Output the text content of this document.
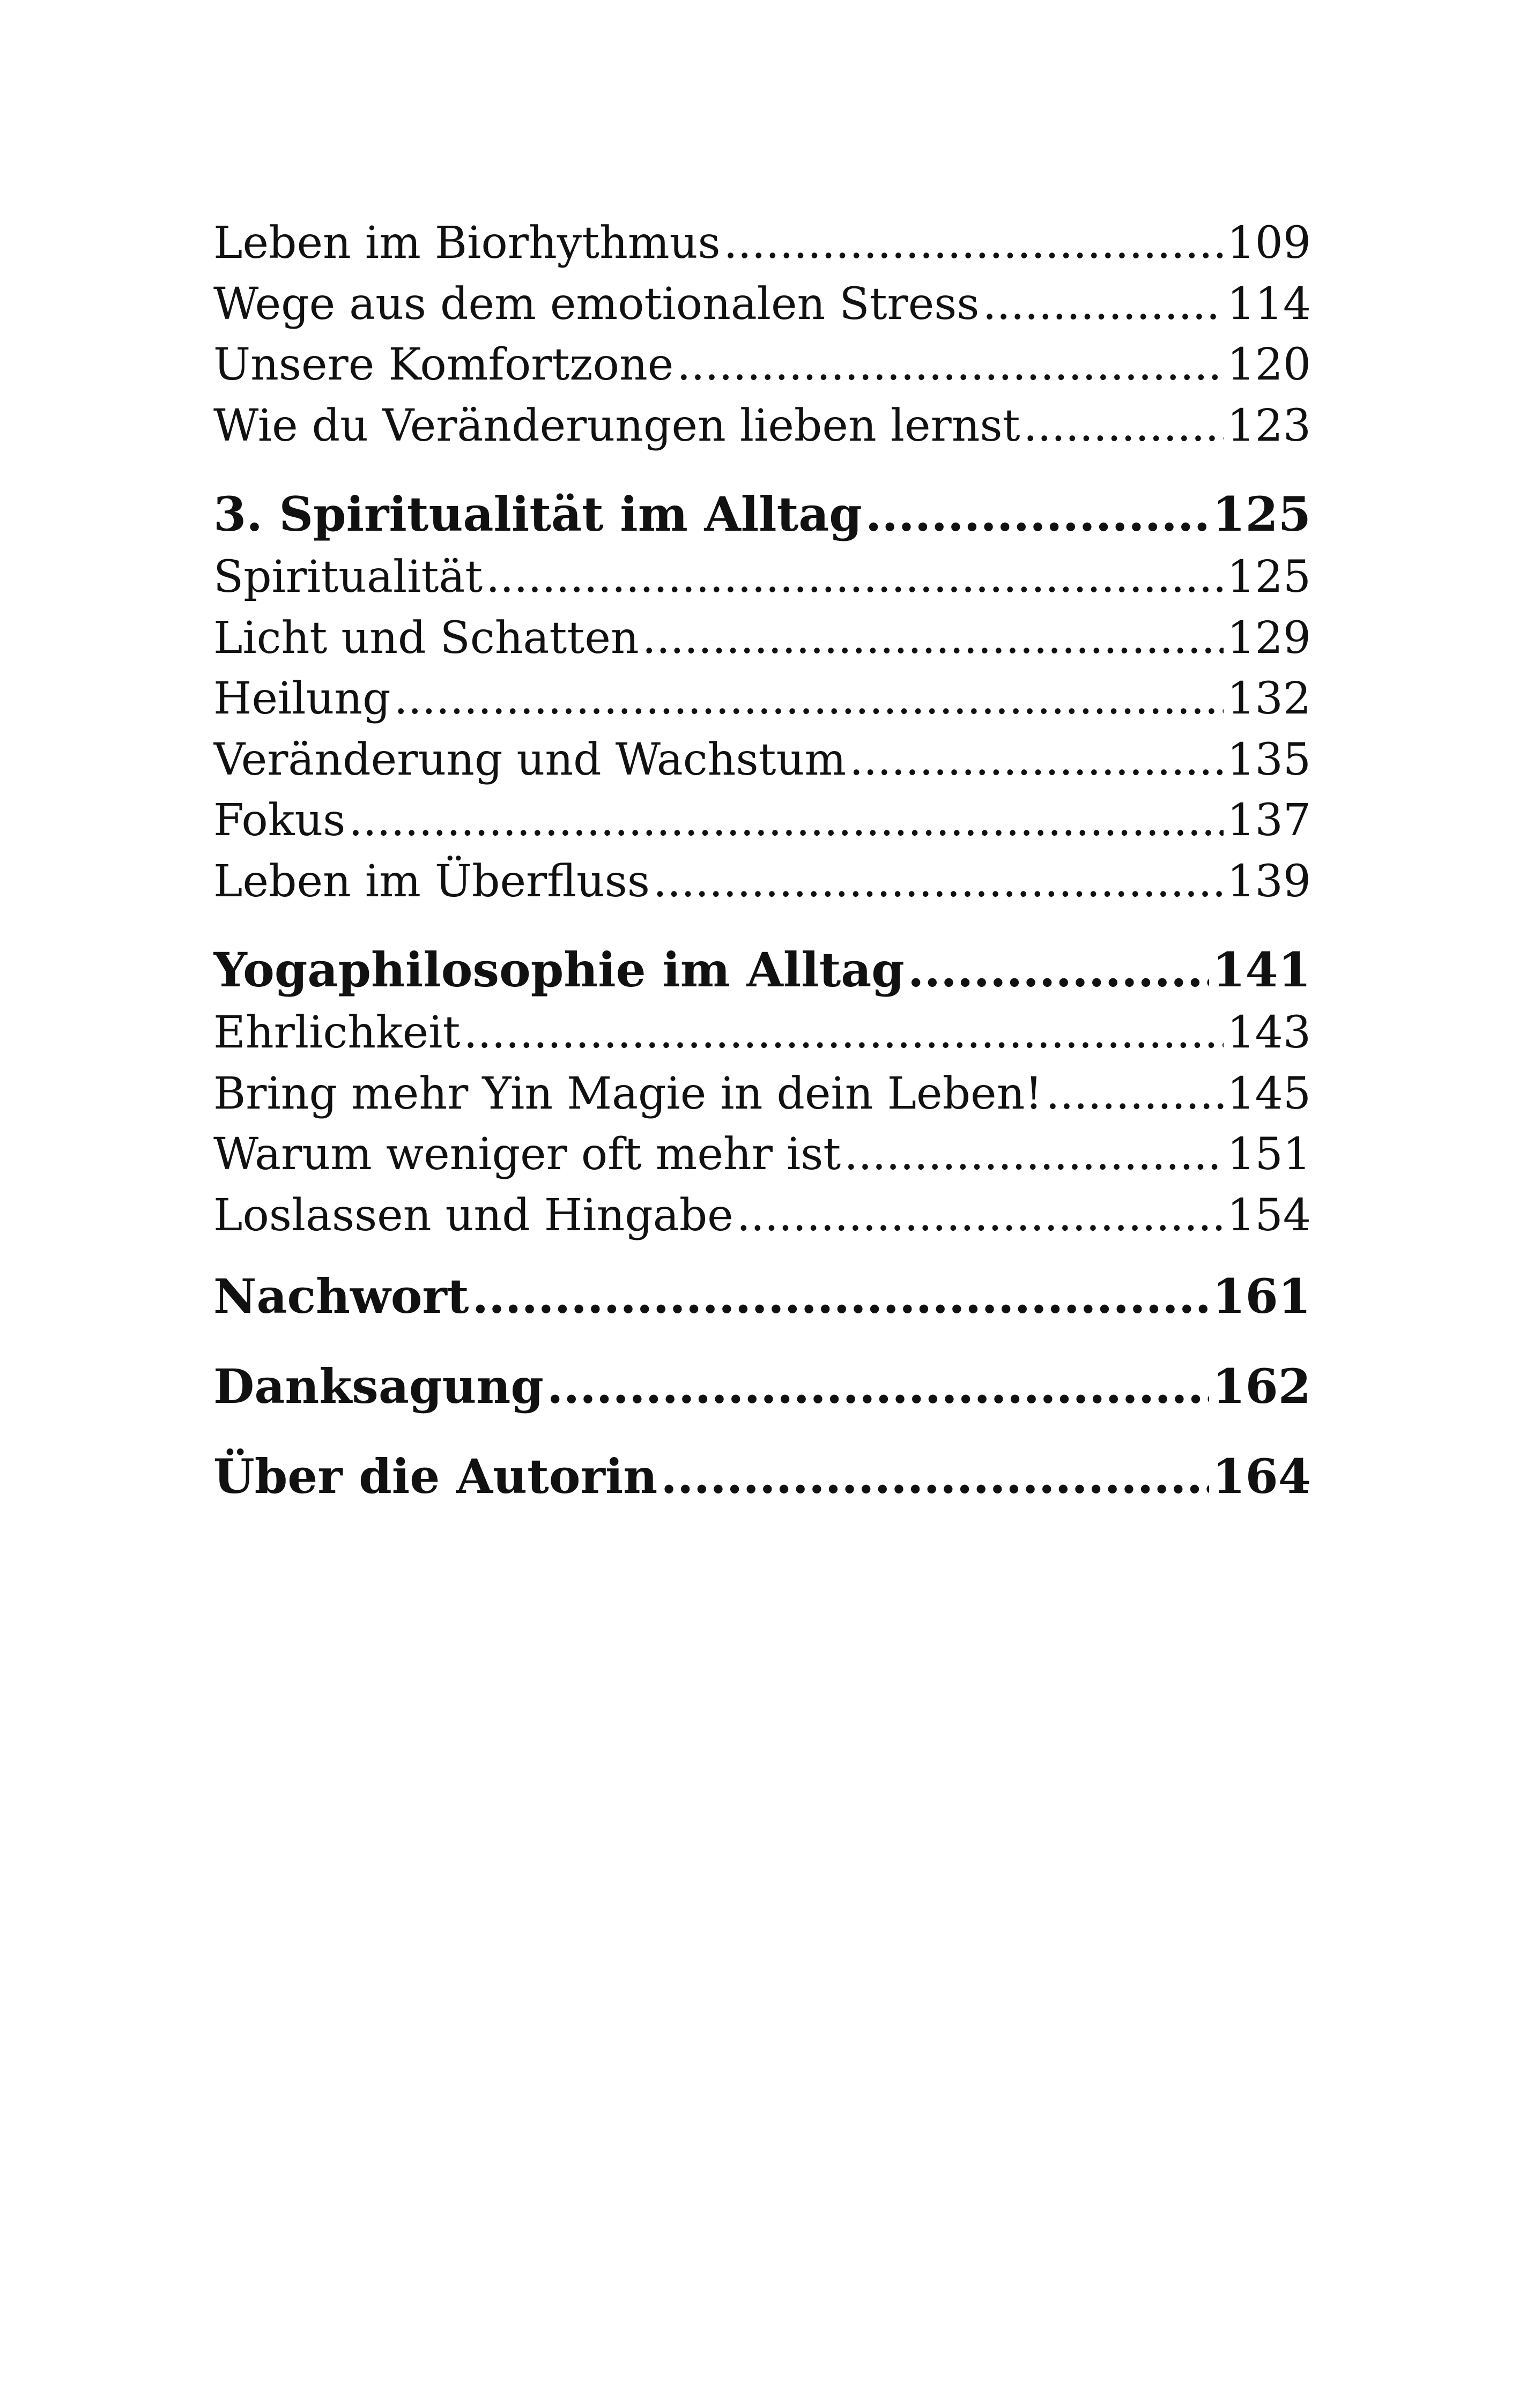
Leben im Biorhythmus .....	109
Wege aus dem emotionalen Stress .....	114
Unsere Komfortzone .....	120
Wie du Veränderungen lieben lernst .....	123
3. Spiritualität im Alltag .....	125
Spiritualität .....	125
Licht und Schatten .....	129
Heilung .....	132
Veränderung und Wachstum .....	135
Fokus .....	137
Leben im Überfluss .....	139
Yogaphilosophie im Alltag .....	141
Ehrlichkeit .....	143
Bring mehr Yin Magie in dein Leben! .....	145
Warum weniger oft mehr ist .....	151
Loslassen und Hingabe .....	154
Nachwort .....	161
Danksagung .....	162
Über die Autorin .....	164
